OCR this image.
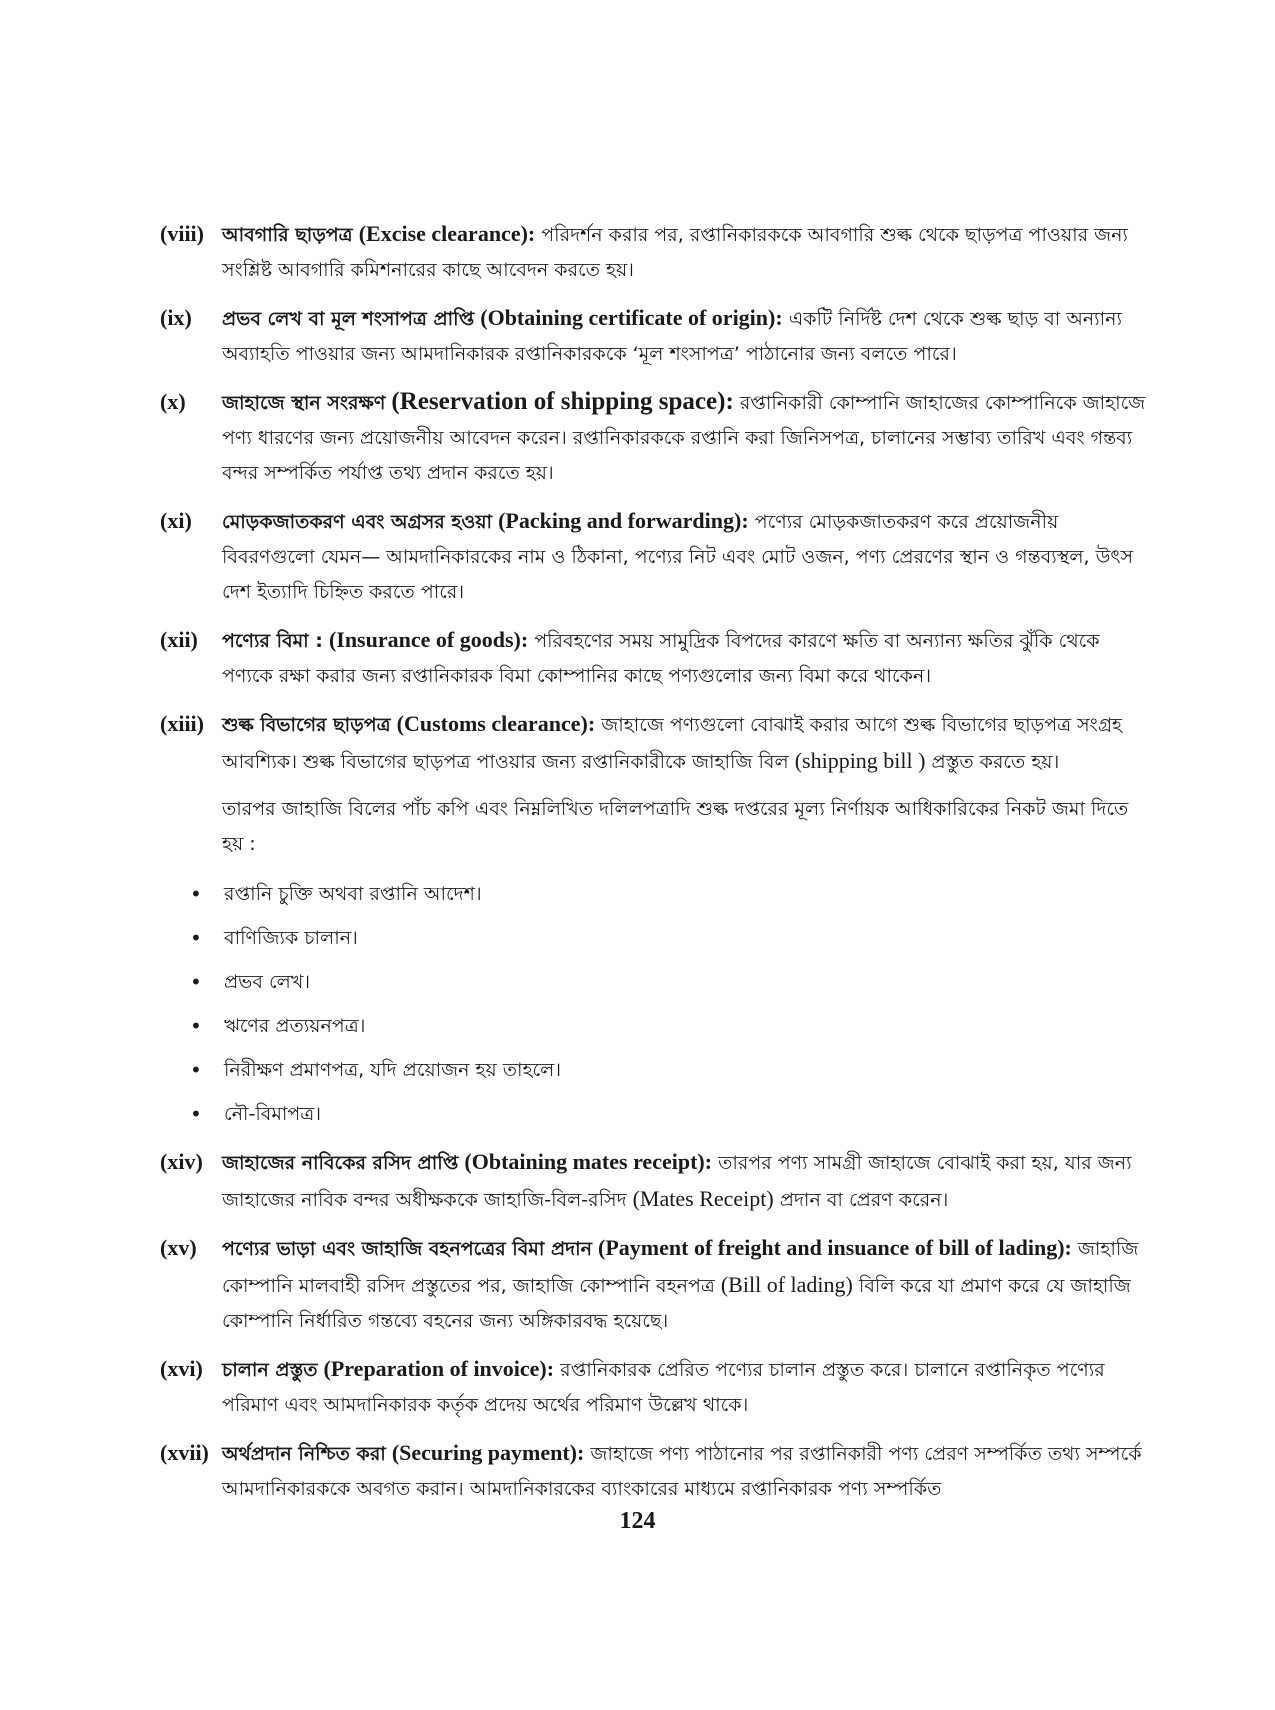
(viii) আবগারি ছাড়পত্র (Excise clearance): পরিদর্শন করার পর, রপ্তানিকারককে আবগারি শুল্ক থেকে ছাড়পত্র পাওয়ার জন্য সংশ্লিষ্ট আবগারি কমিশনারের কাছে আবেদন করতে হয়।
(ix) প্রভব লেখ বা মূল শংসাপত্র প্রাপ্তি (Obtaining certificate of origin): একটি নির্দিষ্ট দেশ থেকে শুল্ক ছাড় বা অন্যান্য অব্যাহতি পাওয়ার জন্য আমদানিকারক রপ্তানিকারককে ‘মূল শংসাপত্র’ পাঠানোর জন্য বলতে পারে।
(x) জাহাজে স্থান সংরক্ষণ (Reservation of shipping space): রপ্তানিকারী কোম্পানি জাহাজের কোম্পানিকে জাহাজে পণ্য ধারণের জন্য প্রয়োজনীয় আবেদন করেন। রপ্তানিকারককে রপ্তানি করা জিনিসপত্র, চালানের সম্ভাব্য তারিখ এবং গন্তব্য বন্দর সম্পর্কিত পর্যাপ্ত তথ্য প্রদান করতে হয়।
(xi) মোড়কজাতকরণ এবং অগ্রসর হওয়া (Packing and forwarding): পণ্যের মোড়কজাতকরণ করে প্রয়োজনীয় বিবরণগুলো যেমন— আমদানিকারকের নাম ও ঠিকানা, পণ্যের নিট এবং মোট ওজন, পণ্য প্রেরণের স্থান ও গন্তব্যস্থল, উৎস দেশ ইত্যাদি চিহ্নিত করতে পারে।
(xii) পণ্যের বিমা : (Insurance of goods): পরিবহণের সময় সামুদ্রিক বিপদের কারণে ক্ষতি বা অন্যান্য ক্ষতির ঝুঁকি থেকে পণ্যকে রক্ষা করার জন্য রপ্তানিকারক বিমা কোম্পানির কাছে পণ্যগুলোর জন্য বিমা করে থাকেন।
(xiii) শুল্ক বিভাগের ছাড়পত্র (Customs clearance): জাহাজে পণ্যগুলো বোঝাই করার আগে শুল্ক বিভাগের ছাড়পত্র সংগ্রহ আবশ্যিক। শুল্ক বিভাগের ছাড়পত্র পাওয়ার জন্য রপ্তানিকারীকে জাহাজি বিল (shipping bill ) প্রস্তুত করতে হয়।
তারপর জাহাজি বিলের পাঁচ কপি এবং নিম্নলিখিত দলিলপত্রাদি শুল্ক দপ্তরের মূল্য নির্ণায়ক আধিকারিকের নিকট জমা দিতে হয় :
• রপ্তানি চুক্তি অথবা রপ্তানি আদেশ।
• বাণিজ্যিক চালান।
• প্রভব লেখ।
• ঋণের প্রত্যয়নপত্র।
• নিরীক্ষণ প্রমাণপত্র, যদি প্রয়োজন হয় তাহলে।
• নৌ-বিমাপত্র।
(xiv) জাহাজের নাবিকের রসিদ প্রাপ্তি (Obtaining mates receipt): তারপর পণ্য সামগ্রী জাহাজে বোঝাই করা হয়, যার জন্য জাহাজের নাবিক বন্দর অধীক্ষককে জাহাজি-বিল-রসিদ (Mates Receipt) প্রদান বা প্রেরণ করেন।
(xv) পণ্যের ভাড়া এবং জাহাজি বহনপত্রের বিমা প্রদান (Payment of freight and insuance of bill of lading): জাহাজি কোম্পানি মালবাহী রসিদ প্রস্তুতের পর, জাহাজি কোম্পানি বহনপত্র (Bill of lading) বিলি করে যা প্রমাণ করে যে জাহাজি কোম্পানি নির্ধারিত গন্তব্যে বহনের জন্য অঙ্গিকারবদ্ধ হয়েছে।
(xvi) চালান প্রস্তুত (Preparation of invoice): রপ্তানিকারক প্রেরিত পণ্যের চালান প্রস্তুত করে। চালানে রপ্তানিকৃত পণ্যের পরিমাণ এবং আমদানিকারক কর্তৃক প্রদেয় অর্থের পরিমাণ উল্লেখ থাকে।
(xvii) অর্থপ্রদান নিশ্চিত করা (Securing payment): জাহাজে পণ্য পাঠানোর পর রপ্তানিকারী পণ্য প্রেরণ সম্পর্কিত তথ্য সম্পর্কে আমদানিকারককে অবগত করান। আমদানিকারকের ব্যাংকারের মাধ্যমে রপ্তানিকারক পণ্য সম্পর্কিত
124
